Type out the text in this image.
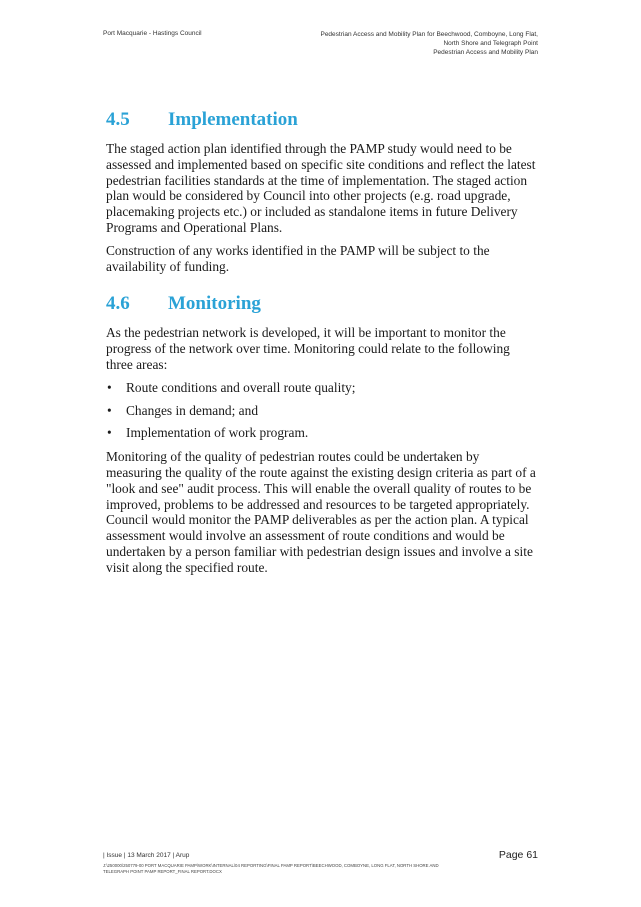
Port Macquarie - Hastings Council	Pedestrian Access and Mobility Plan for Beechwood, Comboyne, Long Flat,
North Shore and Telegraph Point
Pedestrian Access and Mobility Plan
4.5 Implementation

The staged action plan identified through the PAMP study would need to be assessed and implemented based on specific site conditions and reflect the latest pedestrian facilities standards at the time of implementation. The staged action plan would be considered by Council into other projects (e.g. road upgrade, placemaking projects etc.) or included as standalone items in future Delivery Programs and Operational Plans.

Construction of any works identified in the PAMP will be subject to the availability of funding.

4.6 Monitoring

As the pedestrian network is developed, it will be important to monitor the progress of the network over time. Monitoring could relate to the following three areas:

• Route conditions and overall route quality;
• Changes in demand; and
• Implementation of work program.

Monitoring of the quality of pedestrian routes could be undertaken by measuring the quality of the route against the existing design criteria as part of a "look and see" audit process. This will enable the overall quality of routes to be improved, problems to be addressed and resources to be targeted appropriately. Council would monitor the PAMP deliverables as per the action plan. A typical assessment would involve an assessment of route conditions and would be undertaken by a person familiar with pedestrian design issues and involve a site visit along the specified route.

| Issue | 13 March 2017 | Arup	Page 61
J:\250000\250779-00 PORT MACQUARIE PAMP\WORK\INTERNAL\04 REPORTING\FINAL PAMP REPORT\BEECHWOOD, COMBOYNE, LONG FLAT, NORTH SHORE AND TELEGRAPH POINT PAMP REPORT_FINAL REPORT.DOCX
